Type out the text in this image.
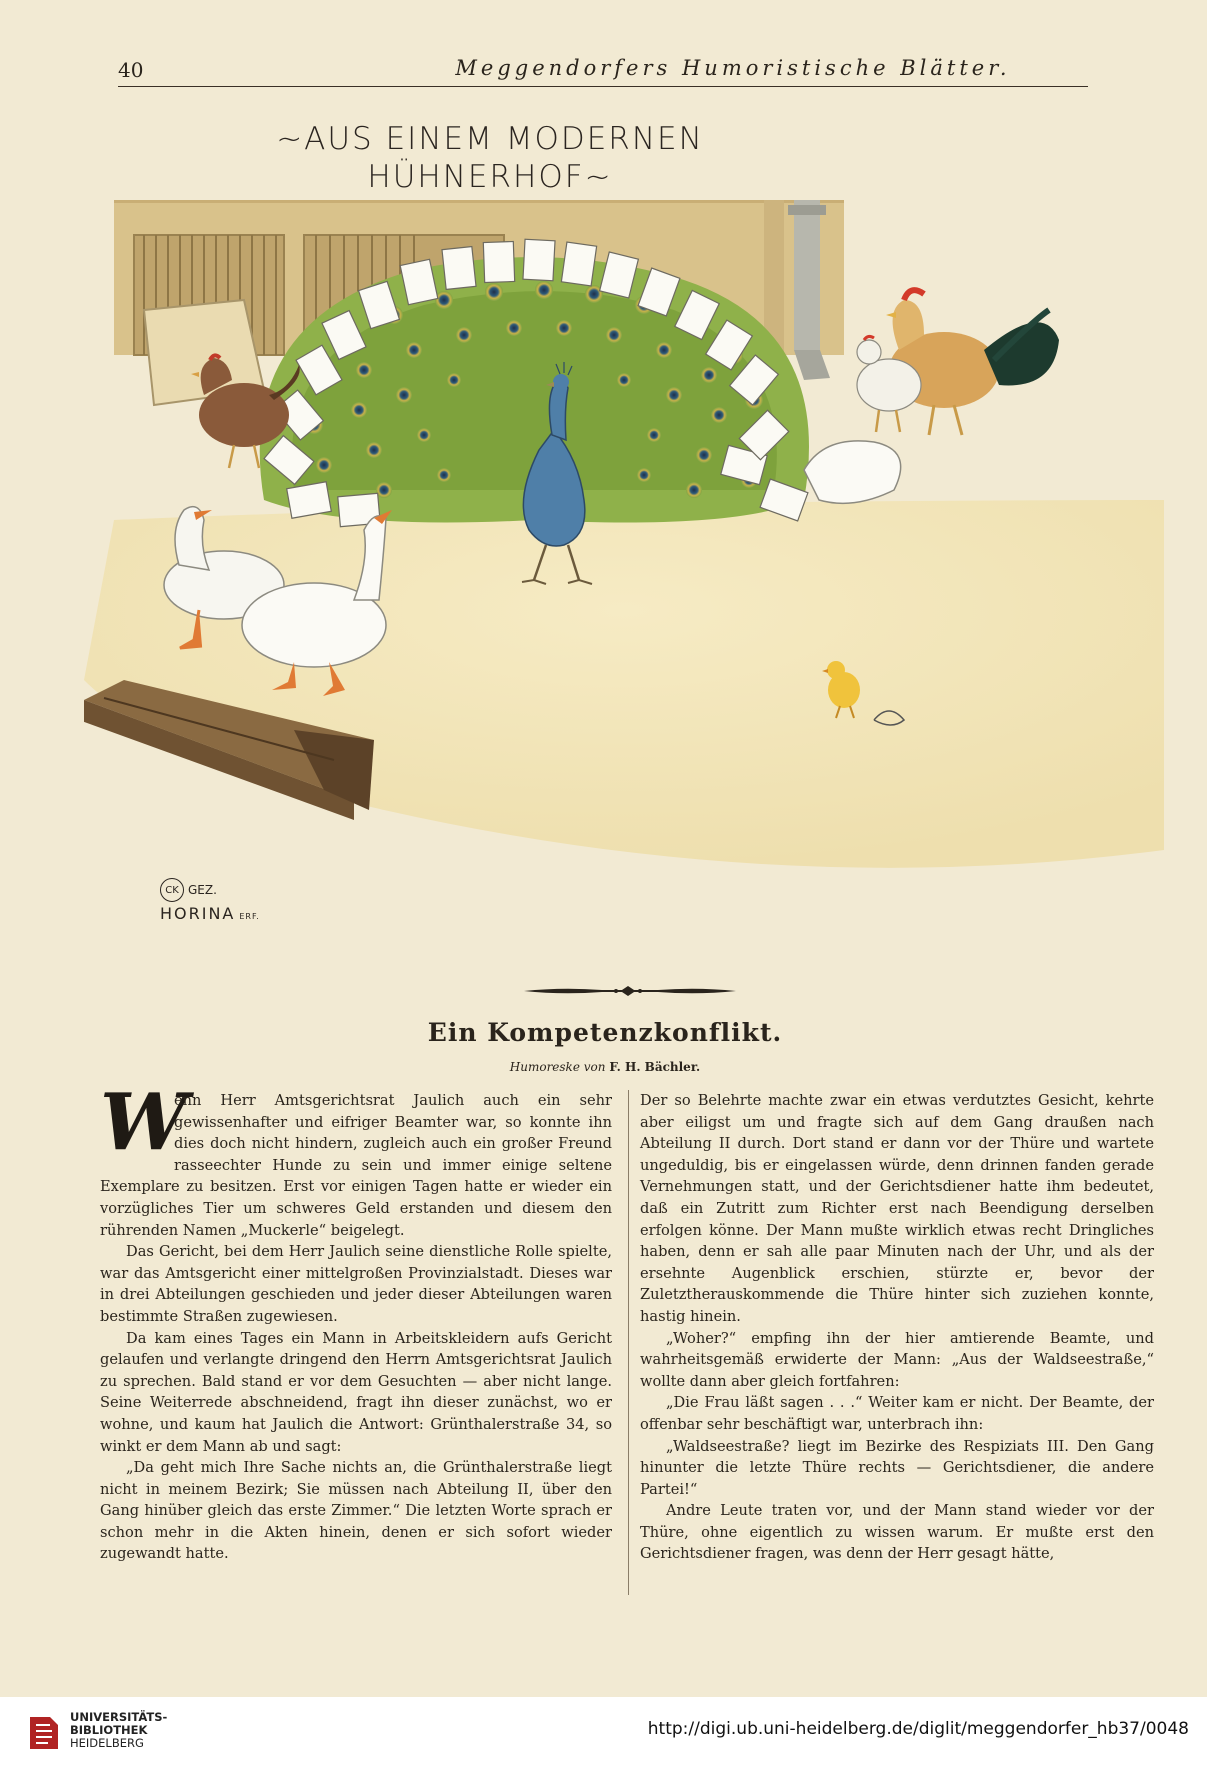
40	Meggendorfers Humoristische Blätter.
~AUS EINEM MODERNEN
HÜHNERHOF~
CK GEZ.
HORINA ERF.
Ein Kompetenzkonflikt.
Humoreske von F. H. Bächler.
W

enn Herr Amtsgerichtsrat Jaulich auch ein sehr gewissenhafter und eifriger Beamter war, so konnte ihn dies doch nicht hindern, zugleich auch ein großer Freund rasseechter Hunde zu sein und immer einige seltene Exemplare zu besitzen. Erst vor einigen Tagen hatte er wieder ein vorzügliches Tier um schweres Geld erstanden und diesem den rührenden Namen „Muckerle“ beigelegt.

Das Gericht, bei dem Herr Jaulich seine dienstliche Rolle spielte, war das Amtsgericht einer mittelgroßen Provinzialstadt. Dieses war in drei Abteilungen geschieden und jeder dieser Abteilungen waren bestimmte Straßen zugewiesen.

Da kam eines Tages ein Mann in Arbeitskleidern aufs Gericht gelaufen und verlangte dringend den Herrn Amtsgerichtsrat Jaulich zu sprechen. Bald stand er vor dem Gesuchten — aber nicht lange. Seine Weiterrede abschneidend, fragt ihn dieser zunächst, wo er wohne, und kaum hat Jaulich die Antwort: Grünthalerstraße 34, so winkt er dem Mann ab und sagt:

„Da geht mich Ihre Sache nichts an, die Grünthalerstraße liegt nicht in meinem Bezirk; Sie müssen nach Abteilung II, über den Gang hinüber gleich das erste Zimmer.“ Die letzten Worte sprach er schon mehr in die Akten hinein, denen er sich sofort wieder zugewandt hatte.

Der so Belehrte machte zwar ein etwas verdutztes Gesicht, kehrte aber eiligst um und fragte sich auf dem Gang draußen nach Abteilung II durch. Dort stand er dann vor der Thüre und wartete ungeduldig, bis er eingelassen würde, denn drinnen fanden gerade Vernehmungen statt, und der Gerichtsdiener hatte ihm bedeutet, daß ein Zutritt zum Richter erst nach Beendigung derselben erfolgen könne. Der Mann mußte wirklich etwas recht Dringliches haben, denn er sah alle paar Minuten nach der Uhr, und als der ersehnte Augenblick erschien, stürzte er, bevor der Zuletztherauskommende die Thüre hinter sich zuziehen konnte, hastig hinein.

„Woher?“ empfing ihn der hier amtierende Beamte, und wahrheitsgemäß erwiderte der Mann: „Aus der Waldseestraße,“ wollte dann aber gleich fortfahren:

„Die Frau läßt sagen . . .“ Weiter kam er nicht. Der Beamte, der offenbar sehr beschäftigt war, unterbrach ihn:

„Waldseestraße? liegt im Bezirke des Respiziats III. Den Gang hinunter die letzte Thüre rechts — Gerichtsdiener, die andere Partei!“

Andre Leute traten vor, und der Mann stand wieder vor der Thüre, ohne eigentlich zu wissen warum. Er mußte erst den Gerichtsdiener fragen, was denn der Herr gesagt hätte,

UNIVERSITÄTS-
BIBLIOTHEK
HEIDELBERG
http://digi.ub.uni-heidelberg.de/diglit/meggendorfer_hb37/0048
